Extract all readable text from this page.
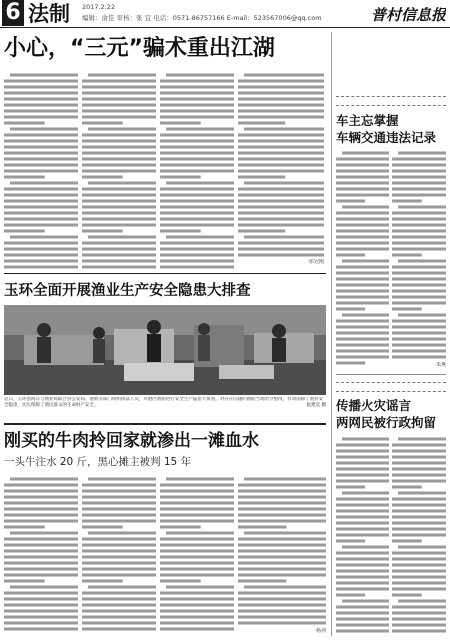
6 法制 2017.2.22
编辑：俞佳 审核：张 宜 电话：0571-86757166 E-mail：523567006@qq.com	普村信息报
小心，“三元”骗术重出江湖
·张冠刚
玉环全面开展渔业生产安全隐患大排查
近日，玉环县海洋与渔业局联合县公安局、港航等部门组织执法人员，对港区渔船进行安全生产隐患大排查，对存在问题的渔船当场责令整改，有效消除了渔业安全隐患，切实保障了渔民群众的生命财产安全。	阮建宜 摄
刚买的牛肉拎回家就渗出一滩血水
一头牛注水 20 斤，黑心摊主被判 15 年
·杨剑
车主忘掌握
车辆交通违法记录
·朱燕
传播火灾谣言
两网民被行政拘留
